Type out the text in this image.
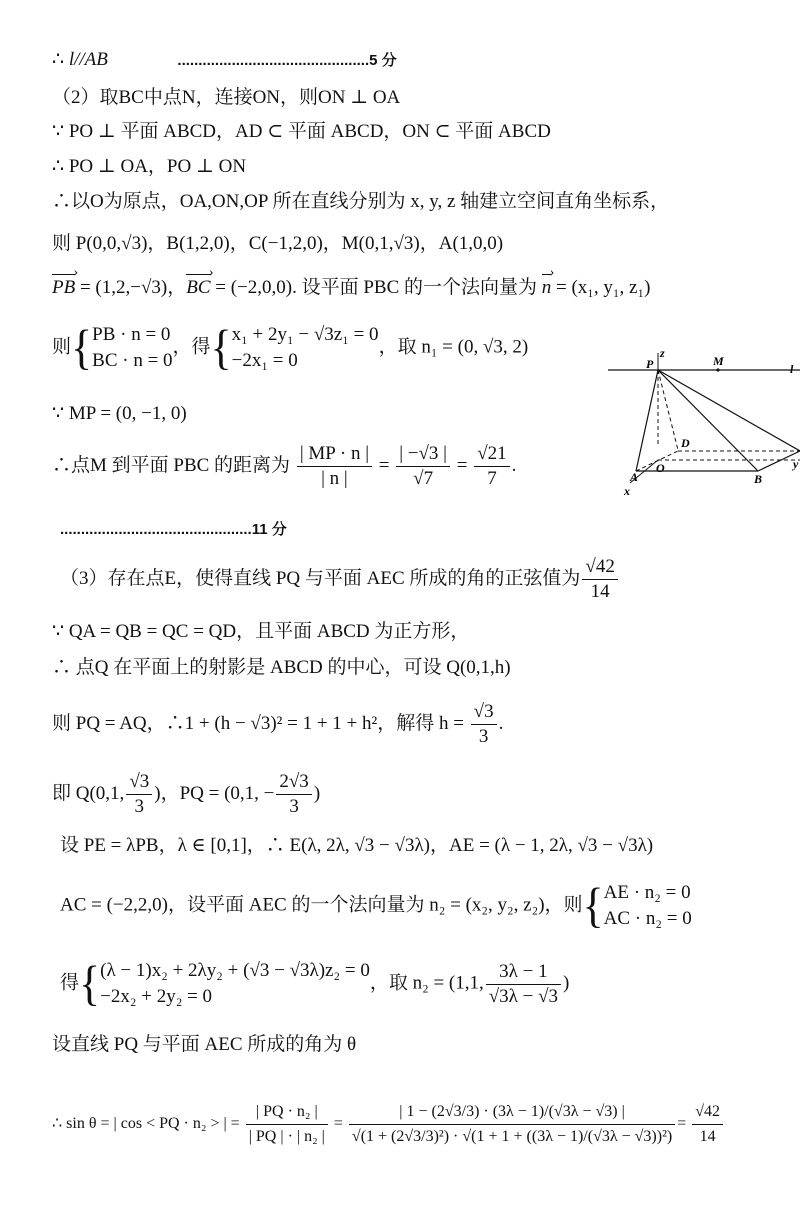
∴ l//AB	..............................................5 分
（2）取BC中点N，连接ON，则ON ⊥ OA
∵ PO ⊥ 平面 ABCD，AD ⊂ 平面 ABCD，ON ⊂ 平面 ABCD
∴ PO ⊥ OA，PO ⊥ ON
∴以O为原点，OA,ON,OP 所在直线分别为 x, y, z 轴建立空间直角坐标系，
则 P(0,0,√3)，B(1,2,0)，C(−1,2,0)，M(0,1,√3)，A(1,0,0)
PB › = (1,2,−√3)，BC › = (−2,0,0). 设平面 PBC 的一个法向量为 n › = (x₁, y₁, z₁)
则{ PB · n = 0
BC · n = 0
，得{ x₁ + 2y₁ − √3z₁ = 0
−2x₁ = 0
，取 n₁ = (0, √3, 2)
∵ MP = (0, −1, 0)
∴点M 到平面 PBC 的距离为 $\frac{| MP \cdot n |}{| n |} = \frac{| -√3 |}{√7} = \frac{√21}{7}$ .
..............................................11 分
（3）存在点E，使得直线 PQ 与平面 AEC 所成的角的正弦值为 $\frac{√42}{14}$
∵ QA = QB = QC = QD，且平面 ABCD 为正方形，
∴ 点Q 在平面上的射影是 ABCD 的中心，可设 Q(0,1,h)
则 PQ = AQ，∴1 + (h − √3)² = 1 + 1 + h²，解得 $h = \frac{√3}{3}$ .
即 Q(0,1, $\frac{√3}{3}$ )，PQ = (0,1, − $\frac{2√3}{3}$ )
设 PE = λPB，λ ∈ [0,1]，∴ E(λ, 2λ, √3 − √3λ)，AE = (λ − 1, 2λ, √3 − √3λ)
AC = (−2,2,0)，设平面 AEC 的一个法向量为 n₂ = (x₂, y₂, z₂)，则{ AE · n₂ = 0
AC · n₂ = 0
得{ (λ − 1)x₂ + 2λy₂ + (√3 − √3λ)z₂ = 0
−2x₂ + 2y₂ = 0
，取 n₂ = (1,1, $\frac{3\lambda - 1}{√3\lambda - √3}$ )
设直线 PQ 与平面 AEC 所成的角为 θ
∴ sin θ = | cos < PQ · n₂ > | = $\frac{\text{| PQ · n₂ |}}{\text{| PQ | · | n₂ |}} = \frac{| 1 - (2√3/3) \cdot (3\lambda - 1)/(√3\lambda - √3) |}{\text{√(1 + (2√3/3)²) · √(1 + 1 + ((3λ − 1)/(√3λ − √3))²)}} = \frac{√42}{14}$
P
z
M
l
D
O
A	B
x
y
